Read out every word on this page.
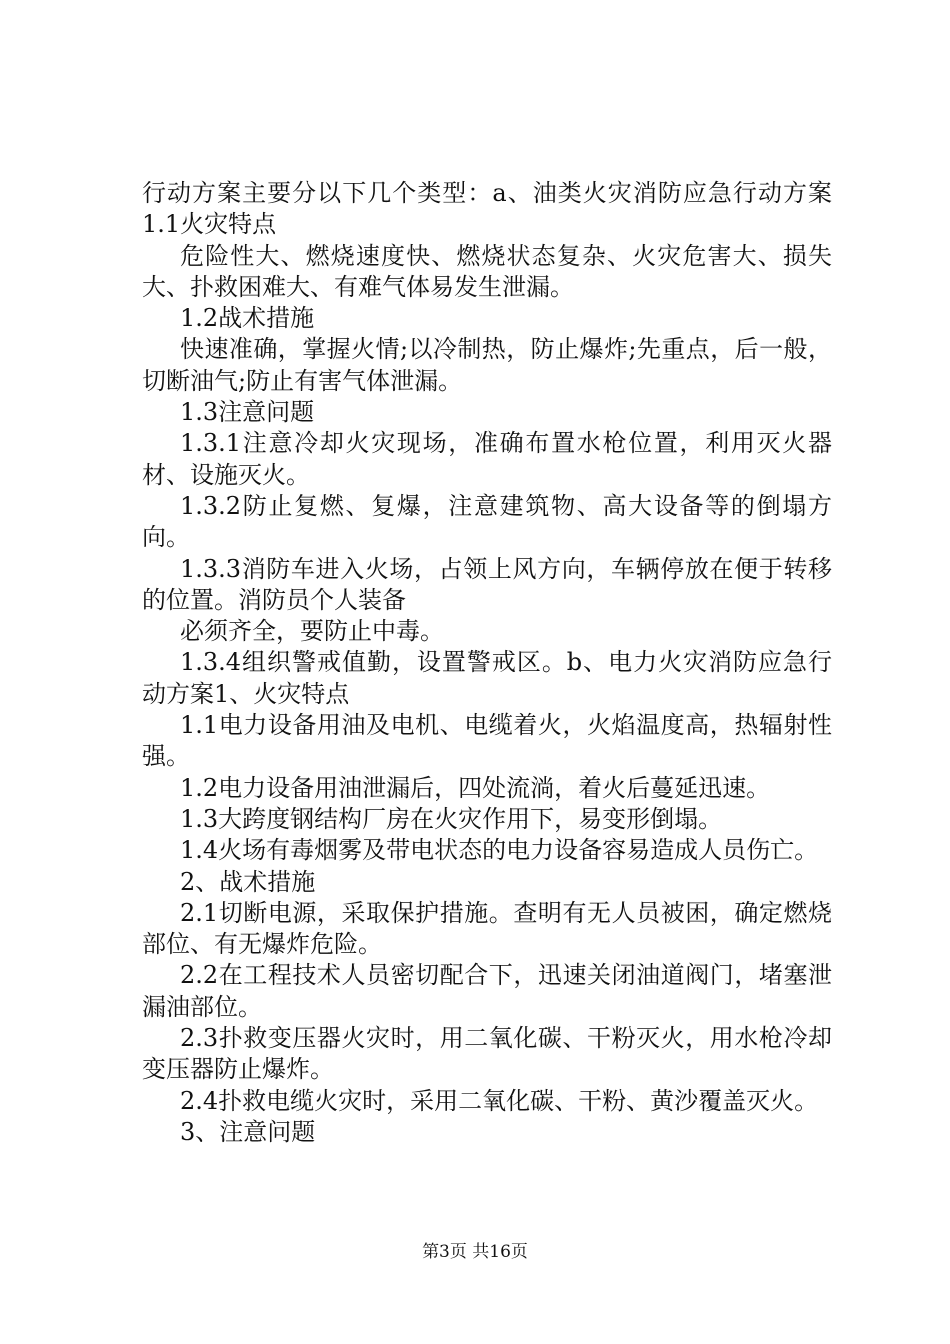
行动方案主要分以下几个类型：a、油类火灾消防应急行动方案1.1火灾特点

危险性大、燃烧速度快、燃烧状态复杂、火灾危害大、损失大、扑救困难大、有难气体易发生泄漏。

1.2战术措施

快速准确，掌握火情;以冷制热，防止爆炸;先重点，后一般，切断油气;防止有害气体泄漏。

1.3注意问题

1.3.1注意冷却火灾现场，准确布置水枪位置，利用灭火器材、设施灭火。

1.3.2防止复燃、复爆，注意建筑物、高大设备等的倒塌方向。

1.3.3消防车进入火场，占领上风方向，车辆停放在便于转移的位置。消防员个人装备

必须齐全，要防止中毒。

1.3.4组织警戒值勤，设置警戒区。b、电力火灾消防应急行动方案1、火灾特点

1.1电力设备用油及电机、电缆着火，火焰温度高，热辐射性强。

1.2电力设备用油泄漏后，四处流淌，着火后蔓延迅速。

1.3大跨度钢结构厂房在火灾作用下，易变形倒塌。

1.4火场有毒烟雾及带电状态的电力设备容易造成人员伤亡。

2、战术措施

2.1切断电源，采取保护措施。查明有无人员被困，确定燃烧部位、有无爆炸危险。

2.2在工程技术人员密切配合下，迅速关闭油道阀门，堵塞泄漏油部位。

2.3扑救变压器火灾时，用二氧化碳、干粉灭火，用水枪冷却变压器防止爆炸。

2.4扑救电缆火灾时，采用二氧化碳、干粉、黄沙覆盖灭火。

3、注意问题

第3页 共16页
